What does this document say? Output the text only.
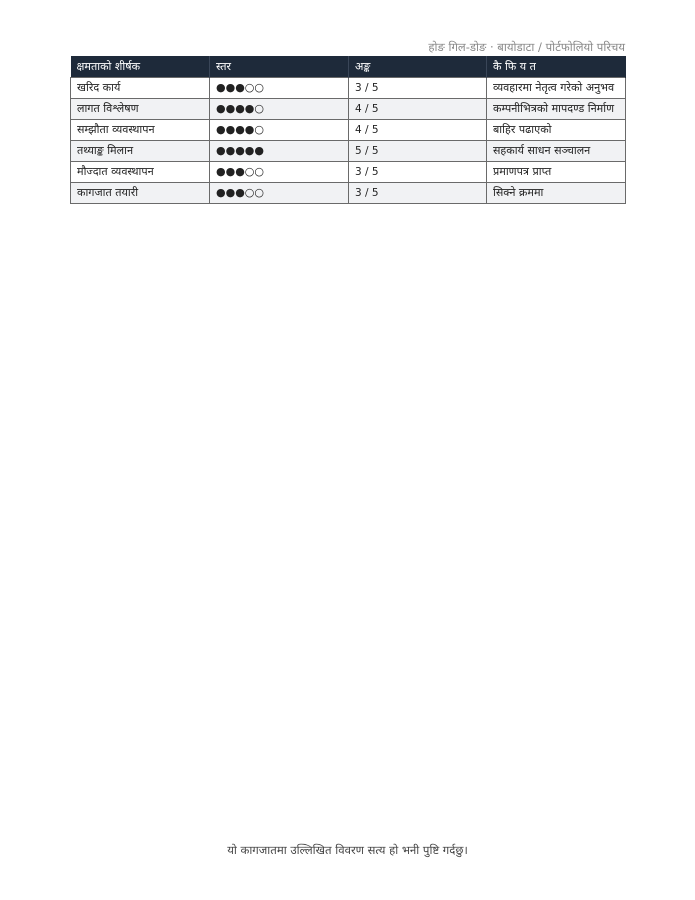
होङ गिल-डोङ · बायोडाटा / पोर्टफोलियो परिचय
क्षमताको शीर्षक	स्तर	अङ्क	कै फि य त
खरिद कार्य	●●●○○	3 / 5	व्यवहारमा नेतृत्व गरेको अनुभव
लागत विश्लेषण	●●●●○	4 / 5	कम्पनीभित्रको मापदण्ड निर्माण
सम्झौता व्यवस्थापन	●●●●○	4 / 5	बाहिर पढाएको
तथ्याङ्क मिलान	●●●●●	5 / 5	सहकार्य साधन सञ्चालन
मौज्दात व्यवस्थापन	●●●○○	3 / 5	प्रमाणपत्र प्राप्त
कागजात तयारी	●●●○○	3 / 5	सिक्ने क्रममा
यो कागजातमा उल्लिखित विवरण सत्य हो भनी पुष्टि गर्दछु।
